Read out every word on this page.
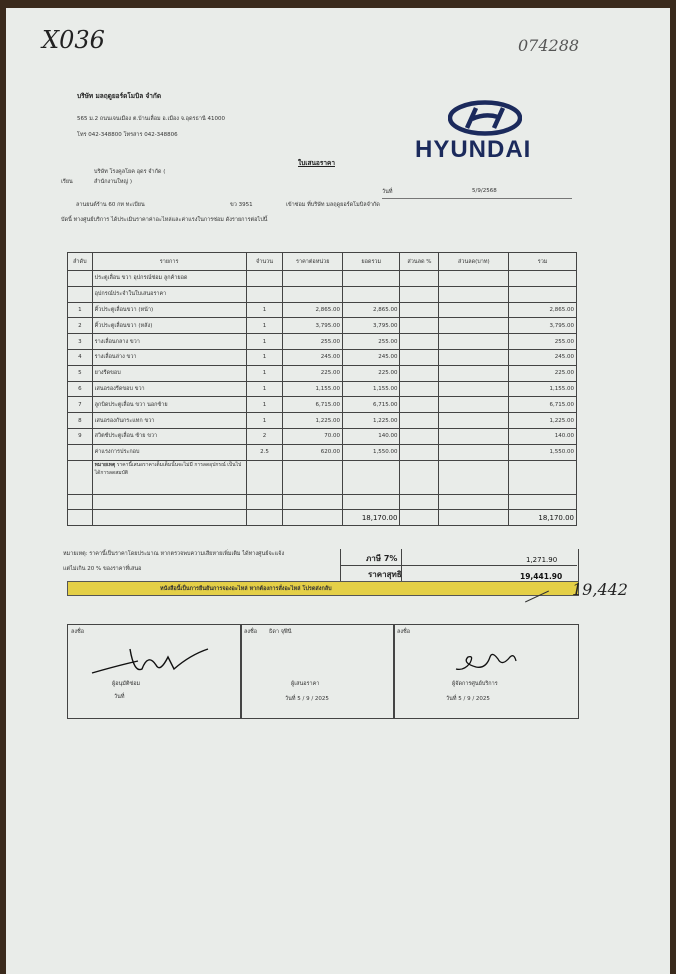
X036	074288
บริษัท มลฤดูยอร์ดโมบิล จำกัด
565 ม.2 ถนนเจนเมือง ต.บ้านเลื่อม อ.เมือง จ.อุดรธานี 41000
โทร 042-348800 โทรสาร 042-348806
HYUNDAI
ใบเสนอราคา
บริษัท โรงคูลโยค อุดร จำกัด (
เรียน	สำนักงานใหญ่ )
วันที่	5/9/2568
ลานยนต์ร้าน 60 กท ทะเบียน	ขว 3951	เข้าซ่อม ที่บริษัท มลฤดูยอร์ดโมบิลจำกัด
บัดนี้ ทางศูนย์บริการ ได้ประเมินราคาค่าอะไหล่และค่าแรงในการซ่อม ดังรายการต่อไปนี้
ลำดับ	รายการ	จำนวน	ราคาต่อหน่วย	ยอดรวม	ส่วนลด %	ส่วนลด(บาท)	รวม
	ประตูเลื่อน ขวา อุปกรณ์ซ่อม ลูกค้ายอด						
	อุปกรณ์ประจำในใบเสนอราคา						
1	คิ้วประตูเลื่อนขวา (หน้า)	1	2,865.00	2,865.00			2,865.00
2	คิ้วประตูเลื่อนขวา (หลัง)	1	3,795.00	3,795.00			3,795.00
3	รางเลื่อนกลาง ขวา	1	255.00	255.00			255.00
4	รางเลื่อนล่าง ขวา	1	245.00	245.00			245.00
5	ยางรีดขอบ	1	225.00	225.00			225.00
6	เสนอรองรีดขอบ ขวา	1	1,155.00	1,155.00			1,155.00
7	ลูกบิดประตูเลื่อน ขวา นอกซ้าย	1	6,715.00	6,715.00			6,715.00
8	เสนอรองกันกระแทก ขวา	1	1,225.00	1,225.00			1,225.00
9	สวิตช์ประตูเลื่อน ซ้าย ขวา	2	70.00	140.00			140.00
	ค่าแรงการประกอบ	2.5	620.00	1,550.00			1,550.00
	หมายเหตุ ราคานี้เสนอราคาเต็มเต็มนั้นจะไม่มี การลดอุปกรณ์ เป็นไปได้การลดสมบัติ						

				18,170.00			18,170.00
หมายเหตุ: ราคานี้เป็นราคาโดยประมาณ หากตรวจพบความเสียหายเพิ่มเติม ได้ทางศูนย์จะแจ้ง
แต่ไม่เกิน 20 % ของราคาที่เสนอ
ภาษี 7%	1,271.90
ราคาสุทธิ	19,441.90
หนังสือนี้เป็นการยืนยันการจองอะไหล่ หากต้องการสั่งอะไหล่ โปรดส่งกลับ	19,442
ลงชื่อ
ผู้อนุมัติซ่อม
วันที่
ลงชื่อ ธิดา จุฬีนี
ผู้เสนอราคา
วันที่ 5 / 9 / 2025
ลงชื่อ
ผู้จัดการศูนย์บริการ
วันที่ 5 / 9 / 2025
